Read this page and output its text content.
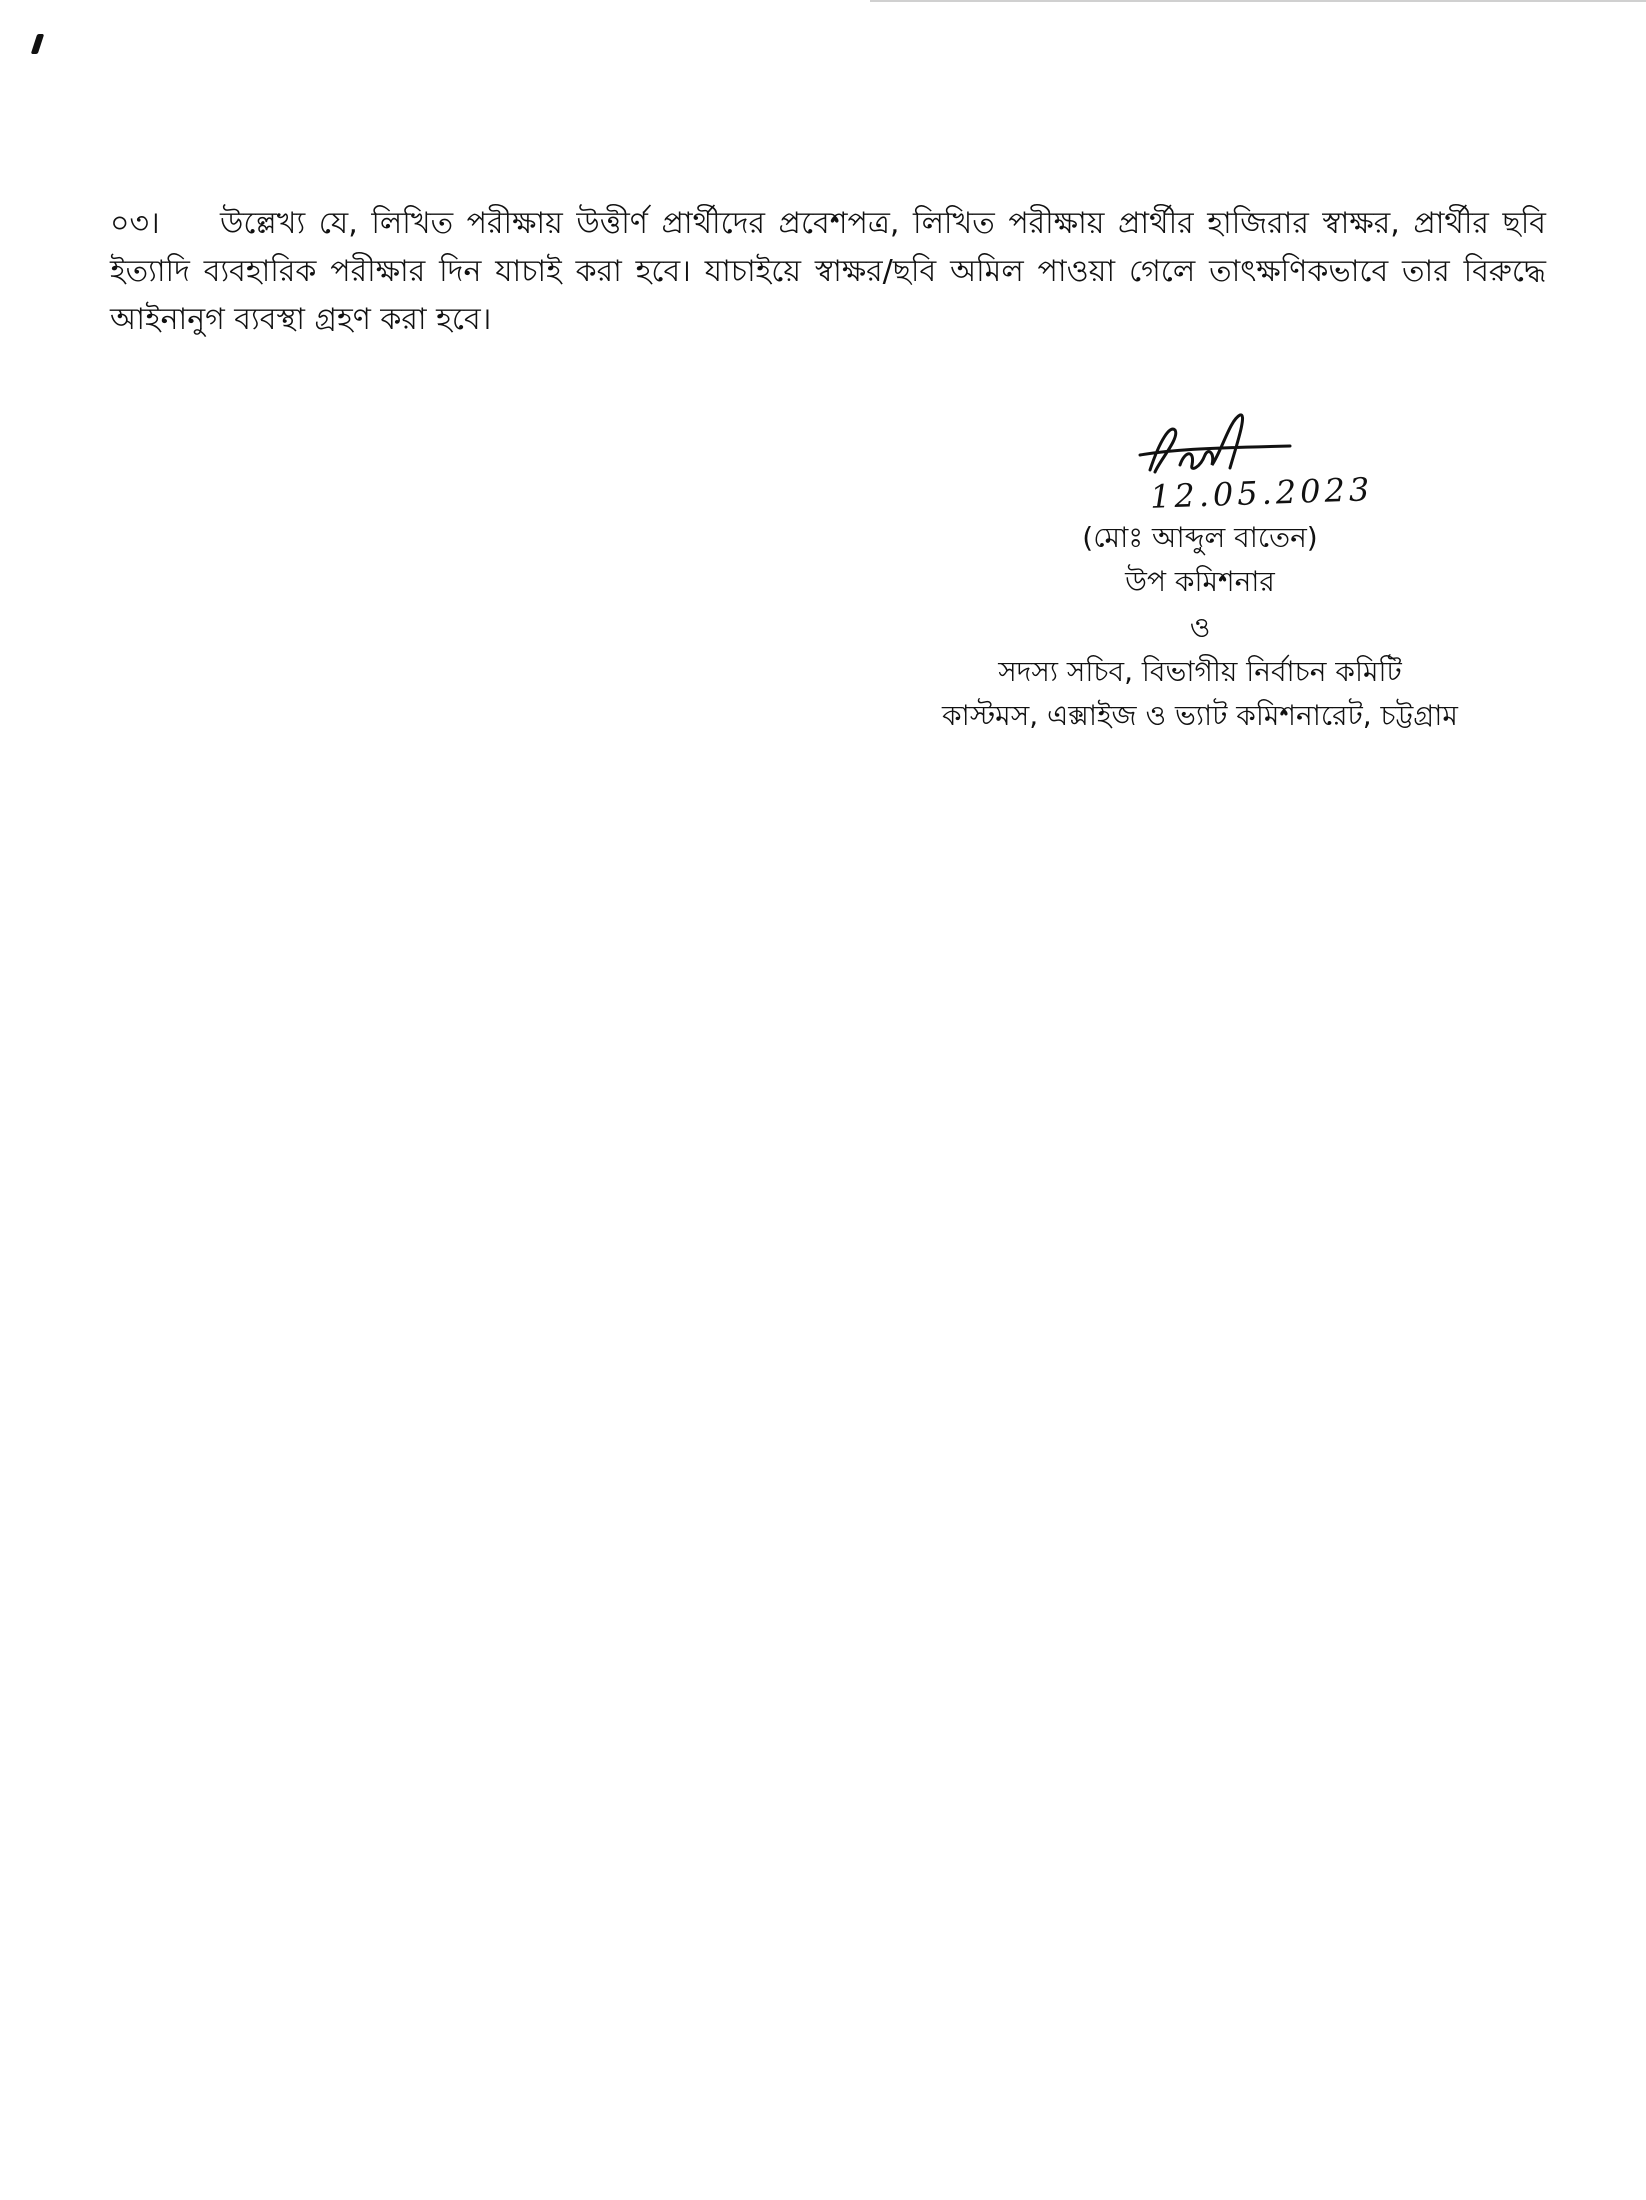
০৩। উল্লেখ্য যে, লিখিত পরীক্ষায় উত্তীর্ণ প্রার্থীদের প্রবেশপত্র, লিখিত পরীক্ষায় প্রার্থীর হাজিরার স্বাক্ষর, প্রার্থীর ছবি ইত্যাদি ব্যবহারিক পরীক্ষার দিন যাচাই করা হবে। যাচাইয়ে স্বাক্ষর/ছবি অমিল পাওয়া গেলে তাৎক্ষণিকভাবে তার বিরুদ্ধে আইনানুগ ব্যবস্থা গ্রহণ করা হবে।
12.05.2023
(মোঃ আব্দুল বাতেন)
উপ কমিশনার
ও
সদস্য সচিব, বিভাগীয় নির্বাচন কমিটি
কাস্টমস, এক্সাইজ ও ভ্যাট কমিশনারেট, চট্টগ্রাম
